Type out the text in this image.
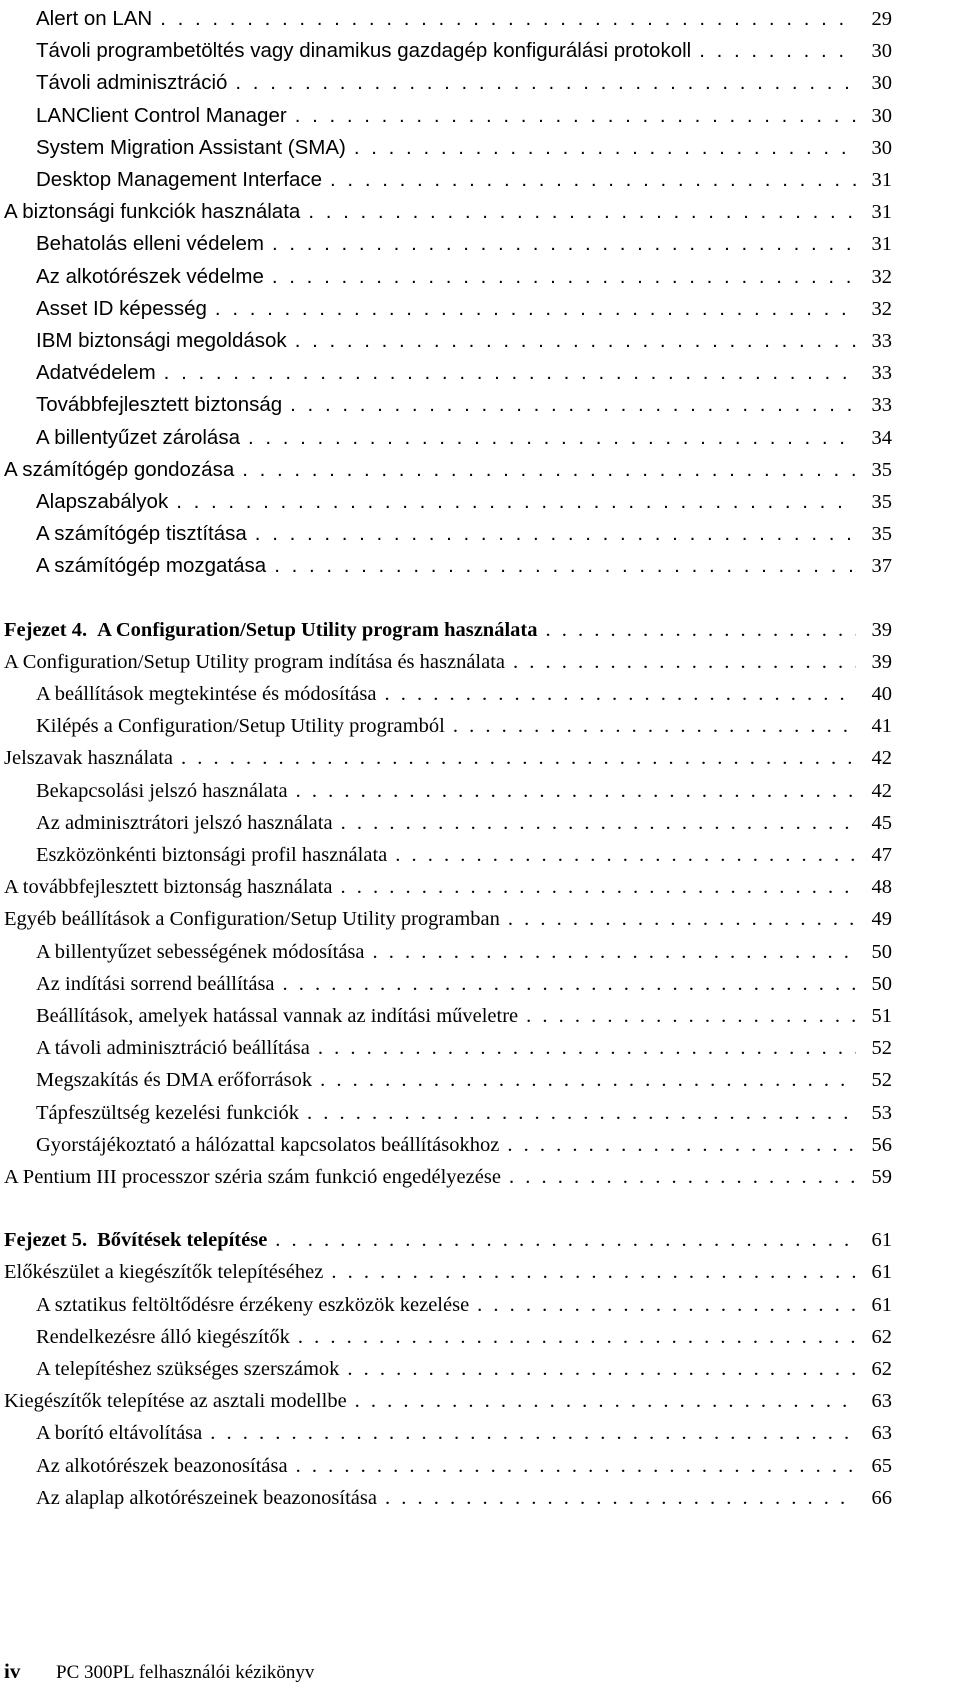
Alert on LAN . . .	29
Távoli programbetöltés vagy dinamikus gazdagép konfigurálási protokoll . . .	30
Távoli adminisztráció . . .	30
LANClient Control Manager . . .	30
System Migration Assistant (SMA) . . .	30
Desktop Management Interface . . .	31
A biztonsági funkciók használata . . .	31
Behatolás elleni védelem . . .	31
Az alkotórészek védelme . . .	32
Asset ID képesség . . .	32
IBM biztonsági megoldások . . .	33
Adatvédelem . . .	33
Továbbfejlesztett biztonság . . .	33
A billentyűzet zárolása . . .	34
A számítógép gondozása . . .	35
Alapszabályok . . .	35
A számítógép tisztítása . . .	35
A számítógép mozgatása . . .	37
Fejezet 4. A Configuration/Setup Utility program használata . . .	39
A Configuration/Setup Utility program indítása és használata . . .	39
A beállítások megtekintése és módosítása . . .	40
Kilépés a Configuration/Setup Utility programból . . .	41
Jelszavak használata . . .	42
Bekapcsolási jelszó használata . . .	42
Az adminisztrátori jelszó használata . . .	45
Eszközönkénti biztonsági profil használata . . .	47
A továbbfejlesztett biztonság használata . . .	48
Egyéb beállítások a Configuration/Setup Utility programban . . .	49
A billentyűzet sebességének módosítása . . .	50
Az indítási sorrend beállítása . . .	50
Beállítások, amelyek hatással vannak az indítási műveletre . . .	51
A távoli adminisztráció beállítása . . .	52
Megszakítás és DMA erőforrások . . .	52
Tápfeszültség kezelési funkciók . . .	53
Gyorstájékoztató a hálózattal kapcsolatos beállításokhoz . . .	56
A Pentium III processzor széria szám funkció engedélyezése . . .	59
Fejezet 5. Bővítések telepítése . . .	61
Előkészület a kiegészítők telepítéséhez . . .	61
A sztatikus feltöltődésre érzékeny eszközök kezelése . . .	61
Rendelkezésre álló kiegészítők . . .	62
A telepítéshez szükséges szerszámok . . .	62
Kiegészítők telepítése az asztali modellbe . . .	63
A borító eltávolítása . . .	63
Az alkotórészek beazonosítása . . .	65
Az alaplap alkotórészeinek beazonosítása . . .	66
iv	PC 300PL felhasználói kézikönyv
